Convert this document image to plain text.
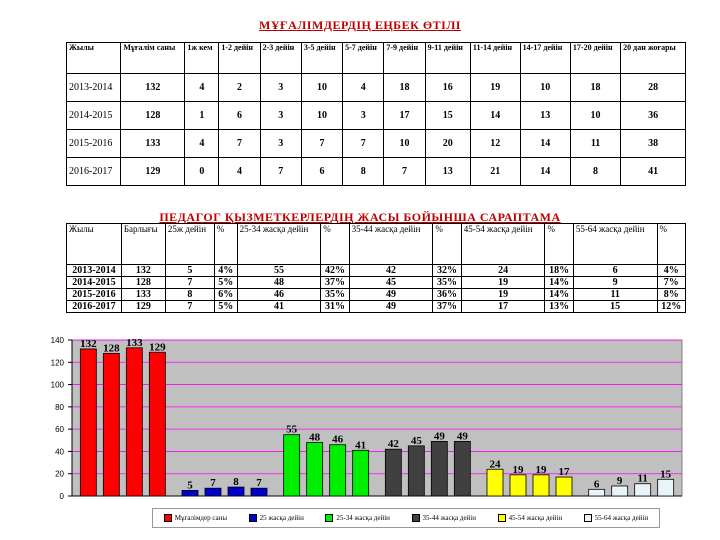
МҰҒАЛІМДЕРДІҢ ЕҢБЕК ӨТІЛІ
Жылы	Мұғалім саны	1ж кем	1-2 дейін	2-3 дейін	3-5 дейін	5-7 дейін	7-9 дейін	9-11 дейін	11-14 дейін	14-17 дейін	17-20 дейін	20 дан жоғары
2013-2014	132	4	2	3	10	4	18	16	19	10	18	28
2014-2015	128	1	6	3	10	3	17	15	14	13	10	36
2015-2016	133	4	7	3	7	7	10	20	12	14	11	38
2016-2017	129	0	4	7	6	8	7	13	21	14	8	41
ПЕДАГОГ ҚЫЗМЕТКЕРЛЕРДІҢ ЖАСЫ БОЙЫНША САРАПТАМА
Жылы	Барлығы	25ж дейін	%	25-34 жасқа дейін	%	35-44 жасқа дейін	%	45-54 жасқа дейін	%	55-64 жасқа дейін	%
2013-2014	132	5	4%	55	42%	42	32%	24	18%	6	4%
2014-2015	128	7	5%	48	37%	45	35%	19	14%	9	7%
2015-2016	133	8	6%	46	35%	49	36%	19	14%	11	8%
2016-2017	129	7	5%	41	31%	49	37%	17	13%	15	12%
0
20
40
60
80
100
120
140 132 128 133 129
5 7 8 7
55
48 46 41 42 45 49 49
24 19 19 17
6 9 11 15
Мұғалімдер саны	25 жасқа дейін	25-34 жасқа дейін	35-44 жасқа дейін	45-54 жасқа дейін	55-64 жасқа дейін
